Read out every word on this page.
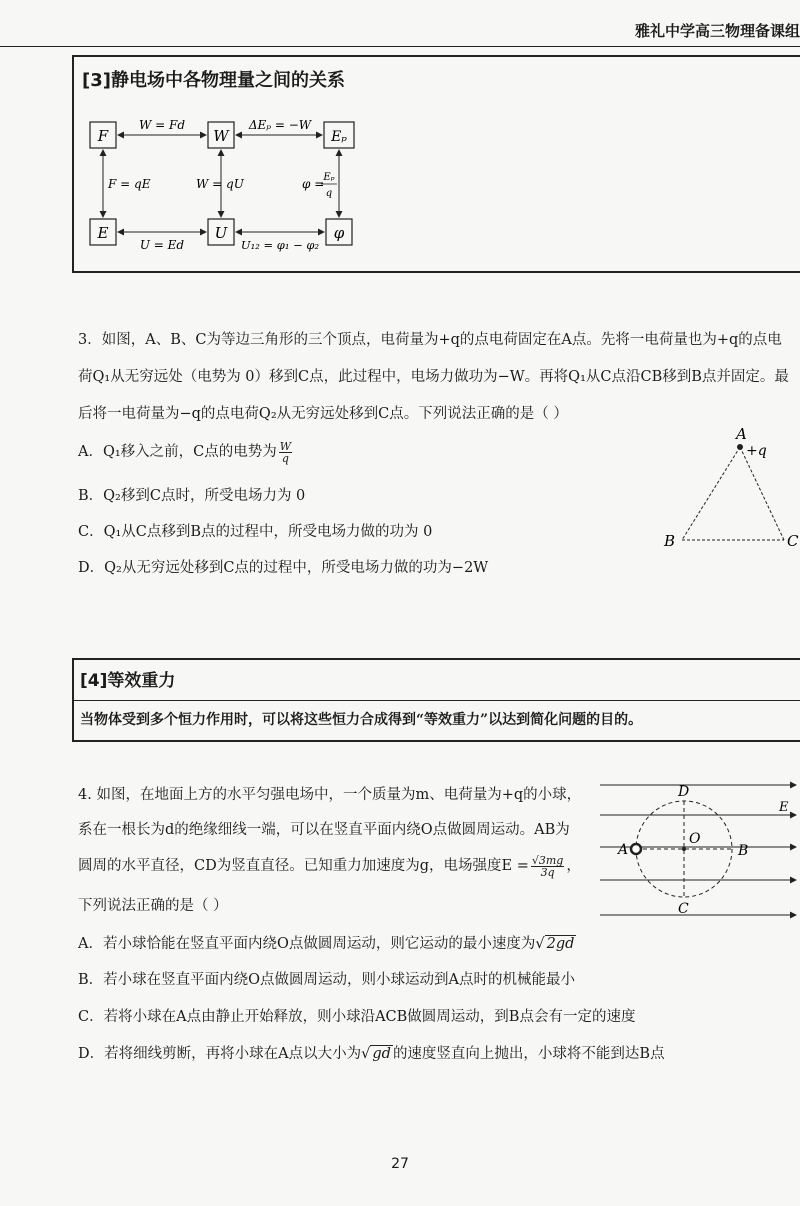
雅礼中学高三物理备课组
[3]静电场中各物理量之间的关系
F	W	Eₚ
E	U	φ
W = Fd	ΔEₚ = −W
F = qE	W = qU	φ = Eₚ
q
U = Ed	U₁₂ = φ₁ − φ₂
3．如图，A、B、C为等边三角形的三个顶点，电荷量为+q的点电荷固定在A点。先将一电荷量也为+q的点电
荷Q₁从无穷远处（电势为 0）移到C点，此过程中，电场力做功为−W。再将Q₁从C点沿CB移到B点并固定。最
后将一电荷量为−q的点电荷Q₂从无穷远处移到C点。下列说法正确的是（ ）
A．Q₁移入之前，C点的电势为 $\frac{W}{q}$
B．Q₂移到C点时，所受电场力为 0
C．Q₁从C点移到B点的过程中，所受电场力做的功为 0
D．Q₂从无穷远处移到C点的过程中，所受电场力做的功为−2W
A
+q
B	C
[4]等效重力
当物体受到多个恒力作用时，可以将这些恒力合成得到“等效重力”以达到简化问题的目的。
4. 如图，在地面上方的水平匀强电场中，一个质量为m、电荷量为+q的小球，
系在一根长为d的绝缘细线一端，可以在竖直平面内绕O点做圆周运动。AB为
圆周的水平直径，CD为竖直直径。已知重力加速度为g，电场强度$E = \frac{√3mg}{3q}$ ，
下列说法正确的是（ ）
A．若小球恰能在竖直平面内绕O点做圆周运动，则它运动的最小速度为√ 2gd
B．若小球在竖直平面内绕O点做圆周运动，则小球运动到A点时的机械能最小
C．若将小球在A点由静止开始释放，则小球沿ACB做圆周运动，到B点会有一定的速度
D．若将细线剪断，再将小球在A点以大小为√ gd 的速度竖直向上抛出，小球将不能到达B点
D
E
O
A	B
C
27
